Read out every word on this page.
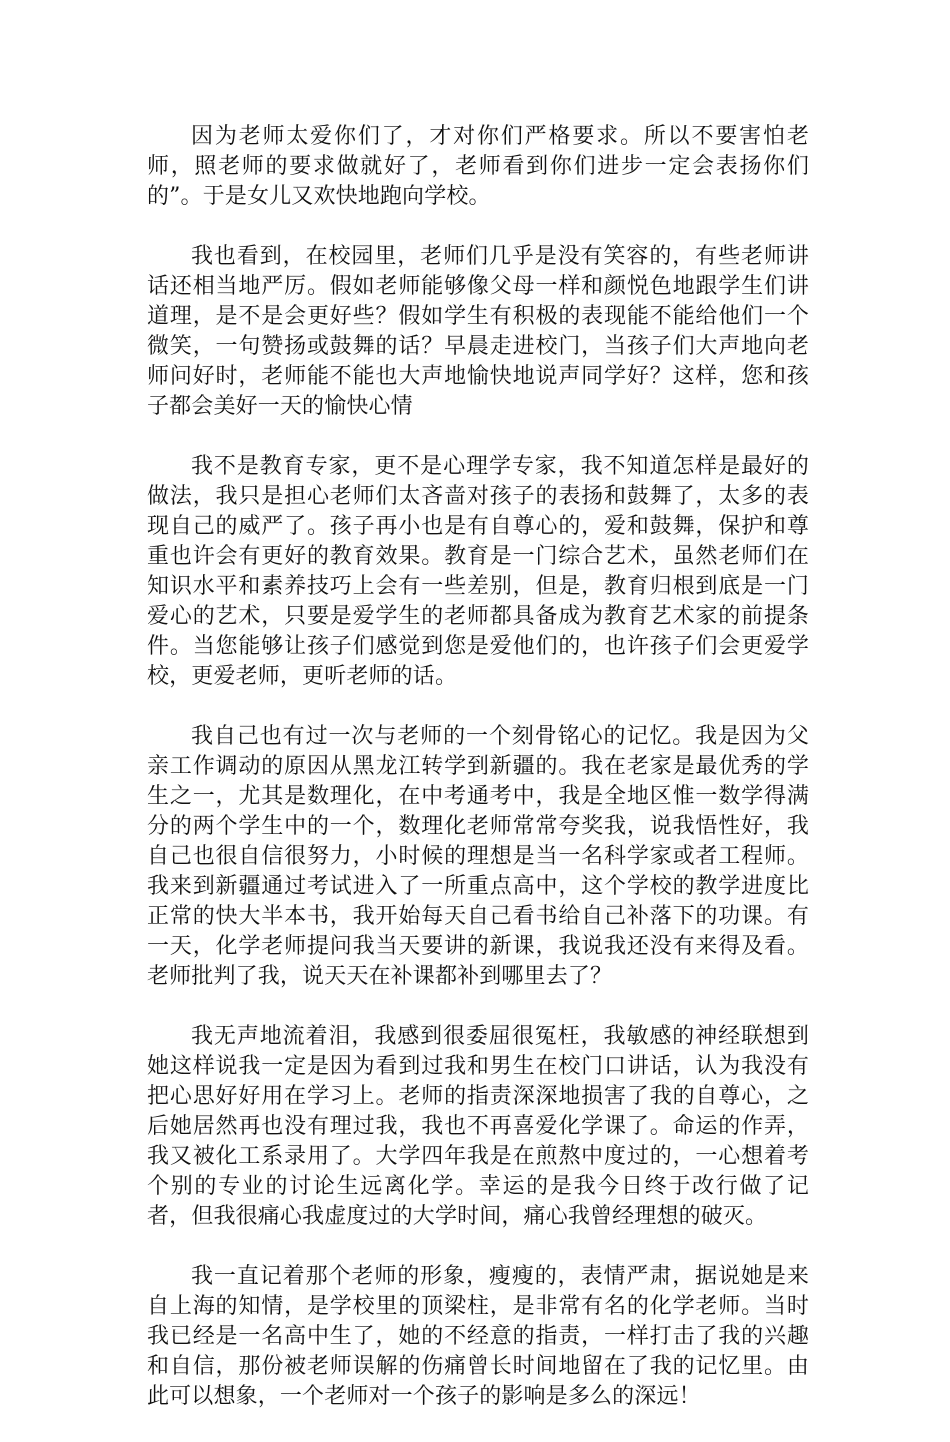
因为老师太爱你们了，才对你们严格要求。所以不要害怕老师，照老师的要求做就好了，老师看到你们进步一定会表扬你们的”。于是女儿又欢快地跑向学校。

我也看到，在校园里，老师们几乎是没有笑容的，有些老师讲话还相当地严厉。假如老师能够像父母一样和颜悦色地跟学生们讲道理，是不是会更好些？假如学生有积极的表现能不能给他们一个微笑，一句赞扬或鼓舞的话？早晨走进校门，当孩子们大声地向老师问好时，老师能不能也大声地愉快地说声同学好？这样，您和孩子都会美好一天的愉快心情

我不是教育专家，更不是心理学专家，我不知道怎样是最好的做法，我只是担心老师们太吝啬对孩子的表扬和鼓舞了，太多的表现自己的威严了。孩子再小也是有自尊心的，爱和鼓舞，保护和尊重也许会有更好的教育效果。教育是一门综合艺术，虽然老师们在知识水平和素养技巧上会有一些差别，但是，教育归根到底是一门爱心的艺术，只要是爱学生的老师都具备成为教育艺术家的前提条件。当您能够让孩子们感觉到您是爱他们的，也许孩子们会更爱学校，更爱老师，更听老师的话。

我自己也有过一次与老师的一个刻骨铭心的记忆。我是因为父亲工作调动的原因从黑龙江转学到新疆的。我在老家是最优秀的学生之一，尤其是数理化，在中考通考中，我是全地区惟一数学得满分的两个学生中的一个，数理化老师常常夸奖我，说我悟性好，我自己也很自信很努力，小时候的理想是当一名科学家或者工程师。我来到新疆通过考试进入了一所重点高中，这个学校的教学进度比正常的快大半本书，我开始每天自己看书给自己补落下的功课。有一天，化学老师提问我当天要讲的新课，我说我还没有来得及看。老师批判了我，说天天在补课都补到哪里去了？

我无声地流着泪，我感到很委屈很冤枉，我敏感的神经联想到她这样说我一定是因为看到过我和男生在校门口讲话，认为我没有把心思好好用在学习上。老师的指责深深地损害了我的自尊心，之后她居然再也没有理过我，我也不再喜爱化学课了。命运的作弄，我又被化工系录用了。大学四年我是在煎熬中度过的，一心想着考个别的专业的讨论生远离化学。幸运的是我今日终于改行做了记者，但我很痛心我虚度过的大学时间，痛心我曾经理想的破灭。

我一直记着那个老师的形象，瘦瘦的，表情严肃，据说她是来自上海的知情，是学校里的顶梁柱，是非常有名的化学老师。当时我已经是一名高中生了，她的不经意的指责，一样打击了我的兴趣和自信，那份被老师误解的伤痛曾长时间地留在了我的记忆里。由此可以想象，一个老师对一个孩子的影响是多么的深远！
